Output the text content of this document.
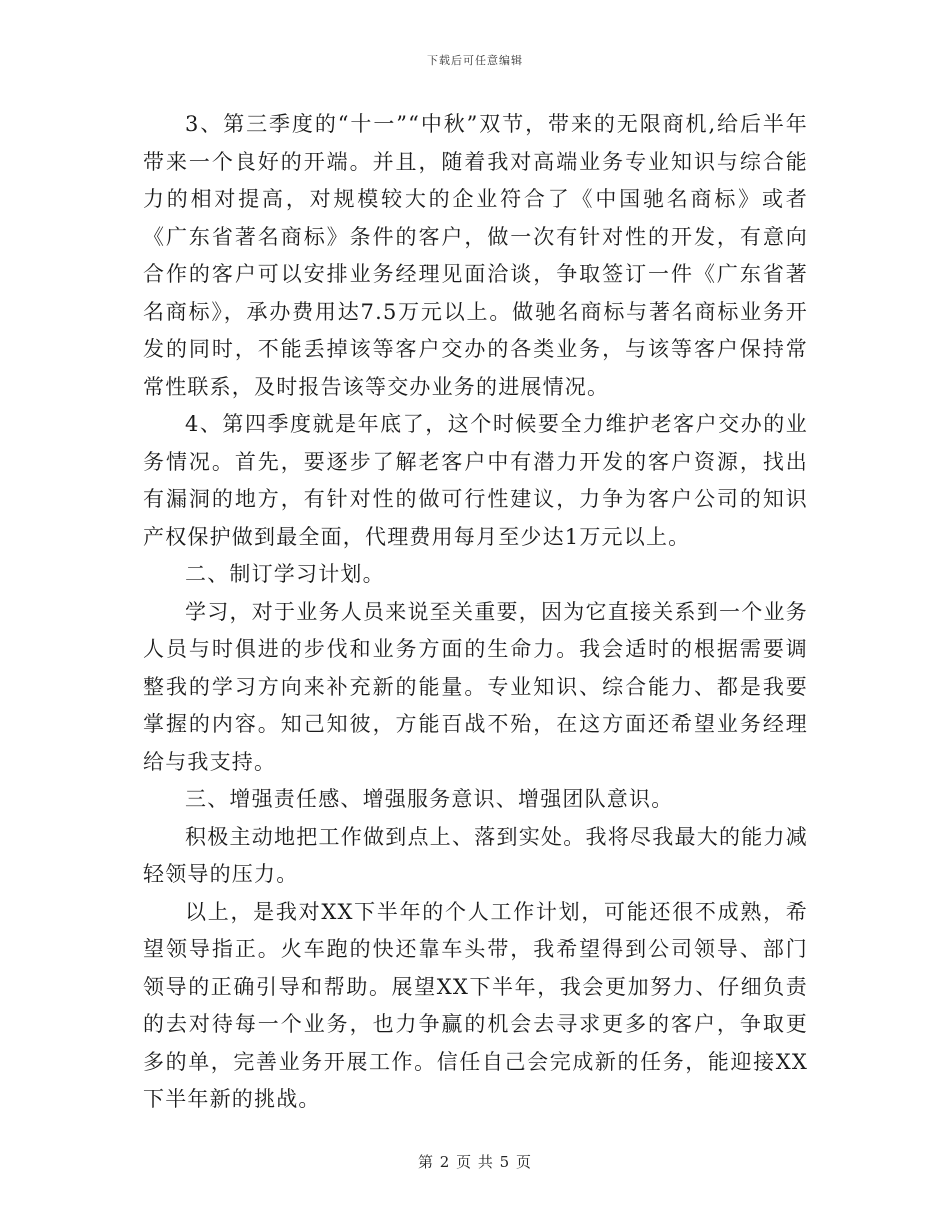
下载后可任意编辑

3、第三季度的“十一”“中秋”双节，带来的无限商机,给后半年带来一个良好的开端。并且，随着我对高端业务专业知识与综合能力的相对提高，对规模较大的企业符合了《中国驰名商标》或者《广东省著名商标》条件的客户，做一次有针对性的开发，有意向合作的客户可以安排业务经理见面洽谈，争取签订一件《广东省著名商标》，承办费用达7.5万元以上。做驰名商标与著名商标业务开发的同时，不能丢掉该等客户交办的各类业务，与该等客户保持常常性联系，及时报告该等交办业务的进展情况。

4、第四季度就是年底了，这个时候要全力维护老客户交办的业务情况。首先，要逐步了解老客户中有潜力开发的客户资源，找出有漏洞的地方，有针对性的做可行性建议，力争为客户公司的知识产权保护做到最全面，代理费用每月至少达1万元以上。

二、制订学习计划。

学习，对于业务人员来说至关重要，因为它直接关系到一个业务人员与时俱进的步伐和业务方面的生命力。我会适时的根据需要调整我的学习方向来补充新的能量。专业知识、综合能力、都是我要掌握的内容。知己知彼，方能百战不殆，在这方面还希望业务经理给与我支持。

三、增强责任感、增强服务意识、增强团队意识。

积极主动地把工作做到点上、落到实处。我将尽我最大的能力减轻领导的压力。

以上，是我对XX下半年的个人工作计划，可能还很不成熟，希望领导指正。火车跑的快还靠车头带，我希望得到公司领导、部门领导的正确引导和帮助。展望XX下半年，我会更加努力、仔细负责的去对待每一个业务，也力争赢的机会去寻求更多的客户，争取更多的单，完善业务开展工作。信任自己会完成新的任务，能迎接XX下半年新的挑战。

第 2 页 共 5 页
